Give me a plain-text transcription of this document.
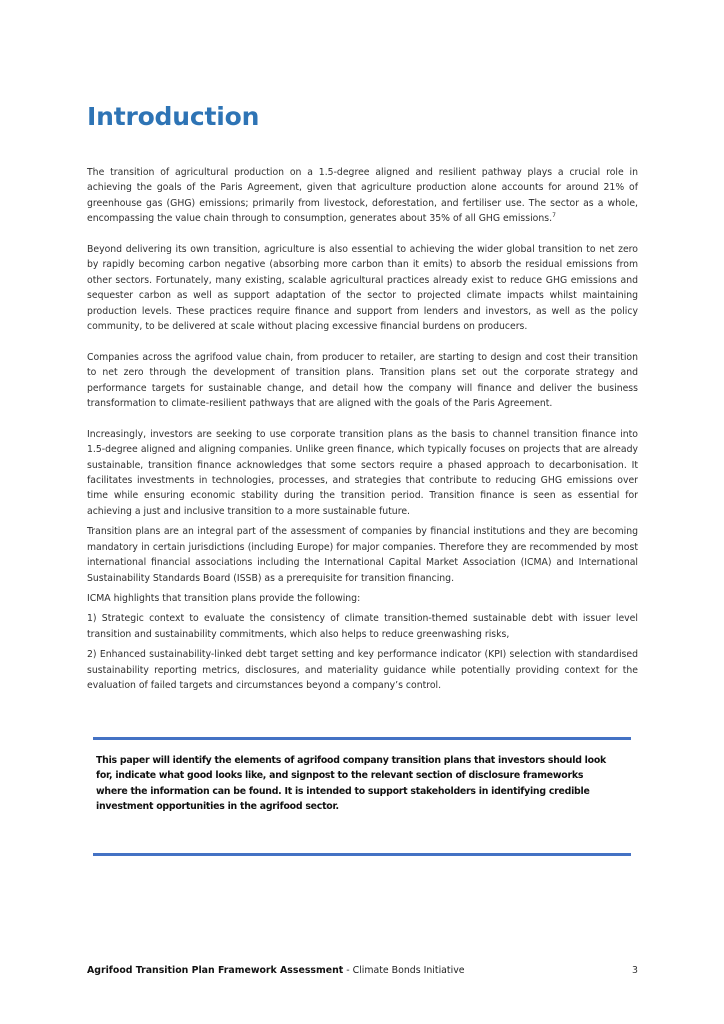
Introduction

The transition of agricultural production on a 1.5-degree aligned and resilient pathway plays a crucial role in achieving the goals of the Paris Agreement, given that agriculture production alone accounts for around 21% of greenhouse gas (GHG) emissions; primarily from livestock, deforestation, and fertiliser use. The sector as a whole, encompassing the value chain through to consumption, generates about 35% of all GHG emissions.$^7$

Beyond delivering its own transition, agriculture is also essential to achieving the wider global transition to net zero by rapidly becoming carbon negative (absorbing more carbon than it emits) to absorb the residual emissions from other sectors. Fortunately, many existing, scalable agricultural practices already exist to reduce GHG emissions and sequester carbon as well as support adaptation of the sector to projected climate impacts whilst maintaining production levels. These practices require finance and support from lenders and investors, as well as the policy community, to be delivered at scale without placing excessive financial burdens on producers.

Companies across the agrifood value chain, from producer to retailer, are starting to design and cost their transition to net zero through the development of transition plans. Transition plans set out the corporate strategy and performance targets for sustainable change, and detail how the company will finance and deliver the business transformation to climate-resilient pathways that are aligned with the goals of the Paris Agreement.

Increasingly, investors are seeking to use corporate transition plans as the basis to channel transition finance into 1.5-degree aligned and aligning companies. Unlike green finance, which typically focuses on projects that are already sustainable, transition finance acknowledges that some sectors require a phased approach to decarbonisation. It facilitates investments in technologies, processes, and strategies that contribute to reducing GHG emissions over time while ensuring economic stability during the transition period. Transition finance is seen as essential for achieving a just and inclusive transition to a more sustainable future.

Transition plans are an integral part of the assessment of companies by financial institutions and they are becoming mandatory in certain jurisdictions (including Europe) for major companies. Therefore they are recommended by most international financial associations including the International Capital Market Association (ICMA) and International Sustainability Standards Board (ISSB) as a prerequisite for transition financing.

ICMA highlights that transition plans provide the following:

1) Strategic context to evaluate the consistency of climate transition-themed sustainable debt with issuer level transition and sustainability commitments, which also helps to reduce greenwashing risks,

2) Enhanced sustainability-linked debt target setting and key performance indicator (KPI) selection with standardised sustainability reporting metrics, disclosures, and materiality guidance while potentially providing context for the evaluation of failed targets and circumstances beyond a company’s control.

This paper will identify the elements of agrifood company transition plans that investors should look for, indicate what good looks like, and signpost to the relevant section of disclosure frameworks where the information can be found. It is intended to support stakeholders in identifying credible investment opportunities in the agrifood sector.

Agrifood Transition Plan Framework Assessment - Climate Bonds Initiative	3
